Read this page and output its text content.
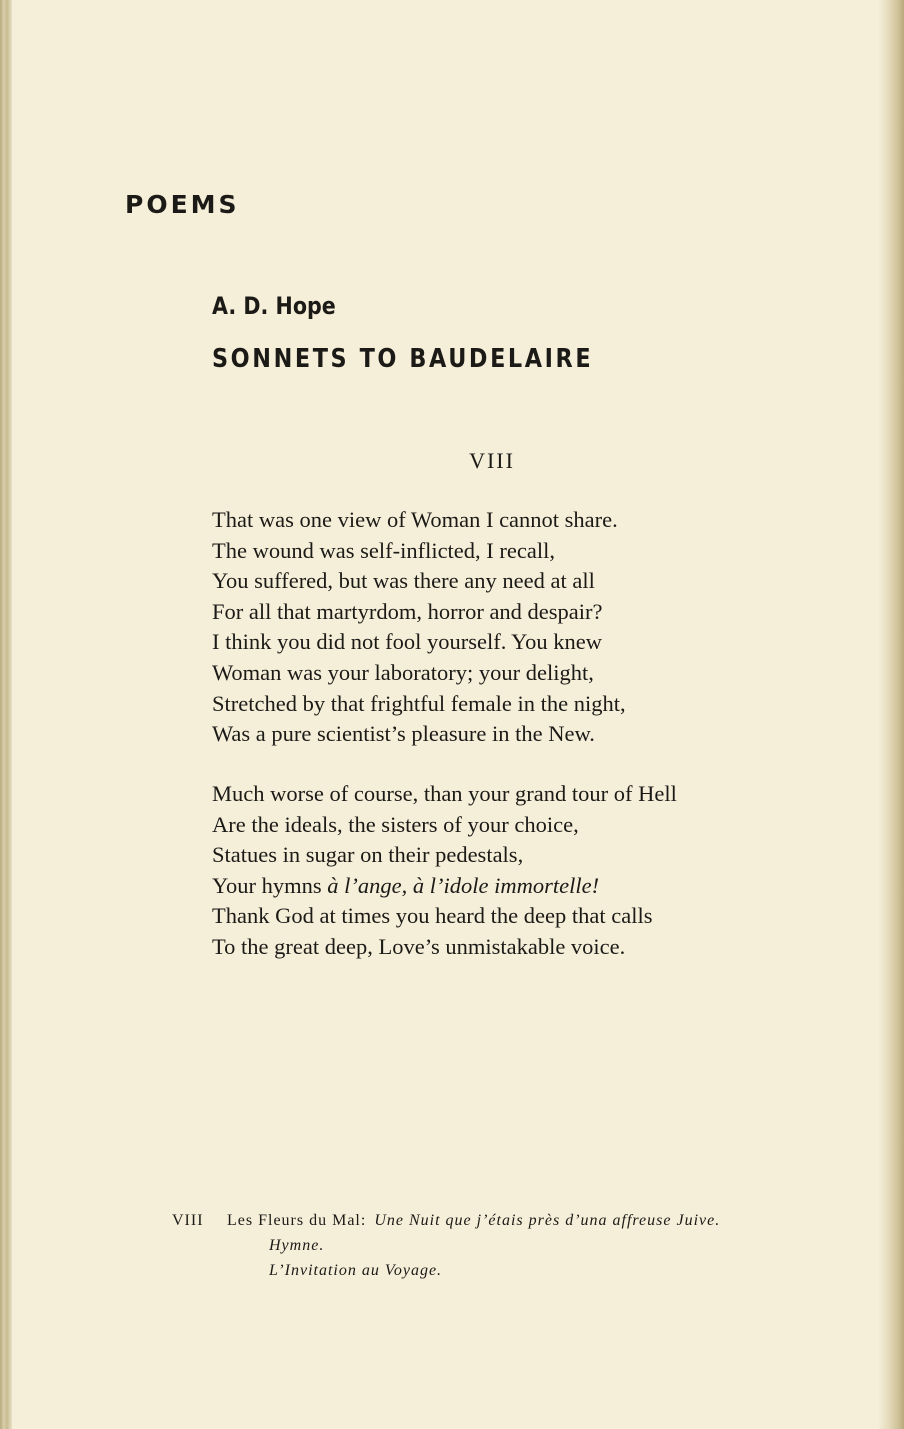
POEMS
A. D. Hope
SONNETS TO BAUDELAIRE
VIII
That was one view of Woman I cannot share.
The wound was self-inflicted, I recall,
You suffered, but was there any need at all
For all that martyrdom, horror and despair?
I think you did not fool yourself. You knew
Woman was your laboratory; your delight,
Stretched by that frightful female in the night,
Was a pure scientist’s pleasure in the New.
Much worse of course, than your grand tour of Hell
Are the ideals, the sisters of your choice,
Statues in sugar on their pedestals,
Your hymns à l’ange, à l’idole immortelle!
Thank God at times you heard the deep that calls
To the great deep, Love’s unmistakable voice.
VIII Les Fleurs du Mal: Une Nuit que j’étais près d’una affreuse Juive.
Hymne.
L’Invitation au Voyage.
